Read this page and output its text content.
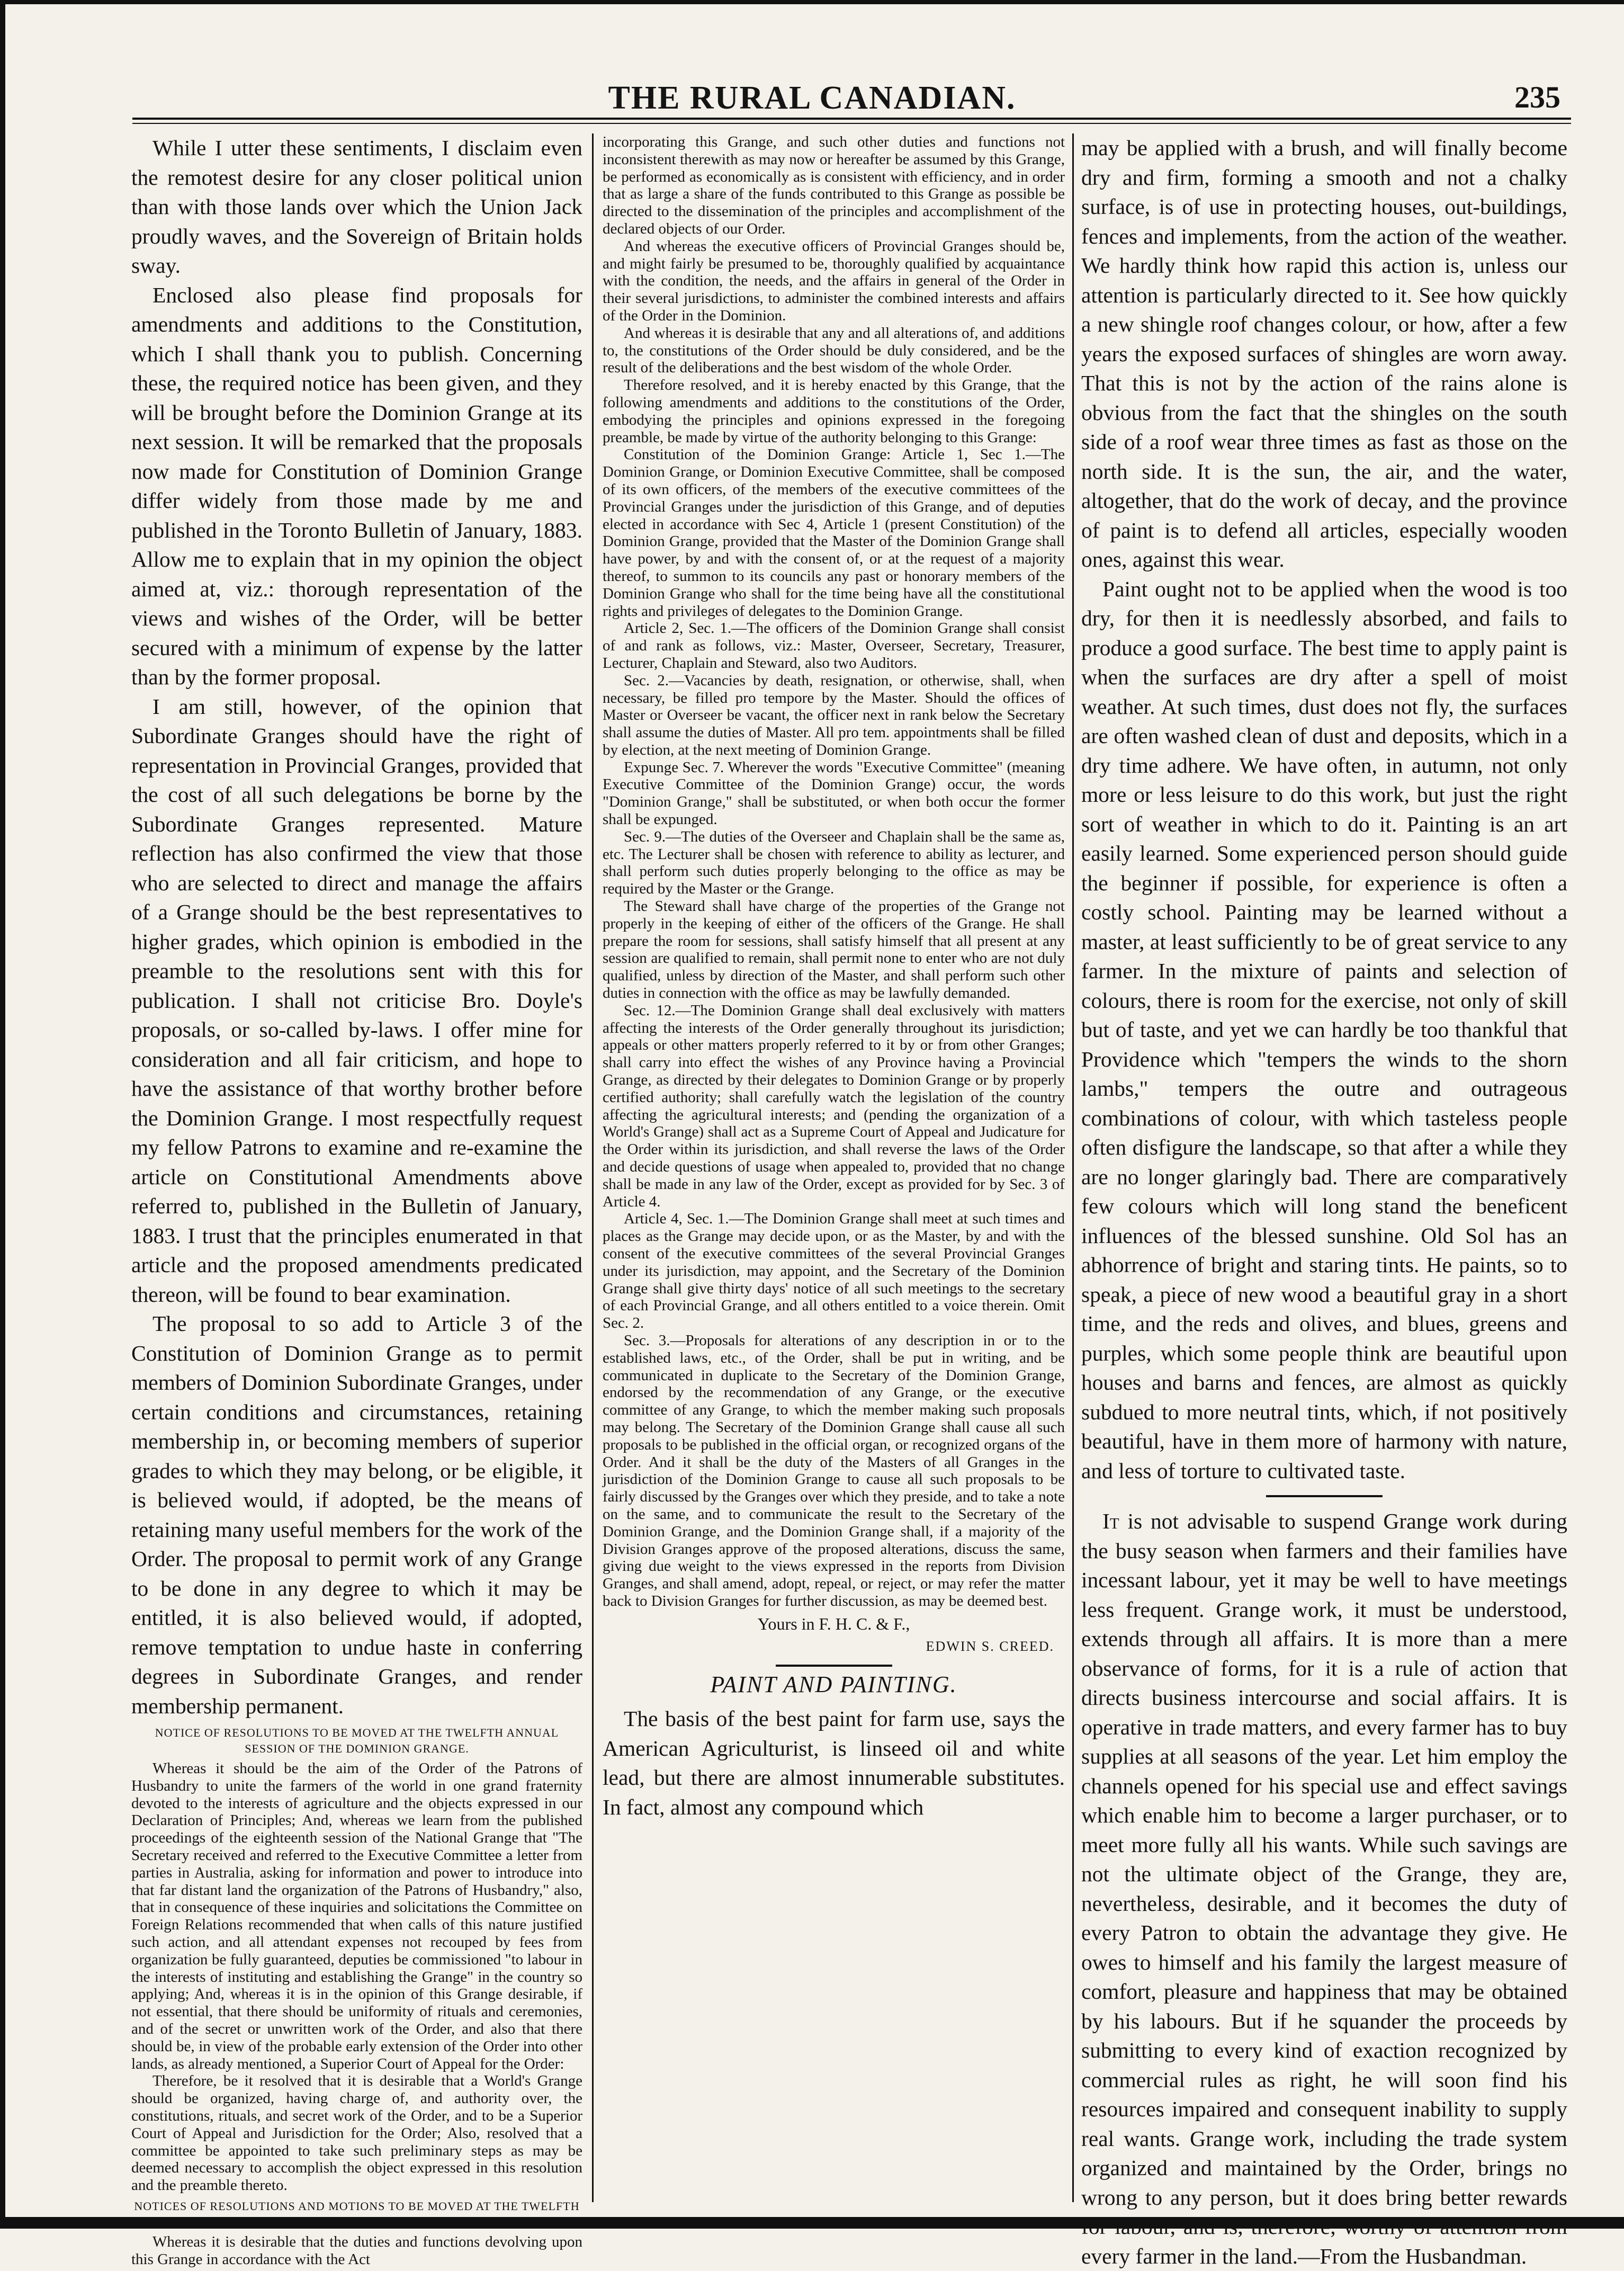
THE RURAL CANADIAN.	235

While I utter these sentiments, I disclaim even the remotest desire for any closer political union than with those lands over which the Union Jack proudly waves, and the Sovereign of Britain holds sway.

Enclosed also please find proposals for amendments and additions to the Constitution, which I shall thank you to publish. Concerning these, the required notice has been given, and they will be brought before the Dominion Grange at its next session. It will be remarked that the proposals now made for Constitution of Dominion Grange differ widely from those made by me and published in the Toronto Bulletin of January, 1883. Allow me to explain that in my opinion the object aimed at, viz.: thorough representation of the views and wishes of the Order, will be better secured with a minimum of expense by the latter than by the former proposal.

I am still, however, of the opinion that Subordinate Granges should have the right of representation in Provincial Granges, provided that the cost of all such delegations be borne by the Subordinate Granges represented. Mature reflection has also confirmed the view that those who are selected to direct and manage the affairs of a Grange should be the best representatives to higher grades, which opinion is embodied in the preamble to the resolutions sent with this for publication. I shall not criticise Bro. Doyle's proposals, or so-called by-laws. I offer mine for consideration and all fair criticism, and hope to have the assistance of that worthy brother before the Dominion Grange. I most respectfully request my fellow Patrons to examine and re-examine the article on Constitutional Amendments above referred to, published in the Bulletin of January, 1883. I trust that the principles enumerated in that article and the proposed amendments predicated thereon, will be found to bear examination.

The proposal to so add to Article 3 of the Constitution of Dominion Grange as to permit members of Dominion Subordinate Granges, under certain conditions and circumstances, retaining membership in, or becoming members of superior grades to which they may belong, or be eligible, it is believed would, if adopted, be the means of retaining many useful members for the work of the Order. The proposal to permit work of any Grange to be done in any degree to which it may be entitled, it is also believed would, if adopted, remove temptation to undue haste in conferring degrees in Subordinate Granges, and render membership permanent.

NOTICE OF RESOLUTIONS TO BE MOVED AT THE TWELFTH ANNUAL SESSION OF THE DOMINION GRANGE.

Whereas it should be the aim of the Order of the Patrons of Husbandry to unite the farmers of the world in one grand fraternity devoted to the interests of agriculture and the objects expressed in our Declaration of Principles; And, whereas we learn from the published proceedings of the eighteenth session of the National Grange that "The Secretary received and referred to the Executive Committee a letter from parties in Australia, asking for information and power to introduce into that far distant land the organization of the Patrons of Husbandry," also, that in consequence of these inquiries and solicitations the Committee on Foreign Relations recommended that when calls of this nature justified such action, and all attendant expenses not recouped by fees from organization be fully guaranteed, deputies be commissioned "to labour in the interests of instituting and establishing the Grange" in the country so applying; And, whereas it is in the opinion of this Grange desirable, if not essential, that there should be uniformity of rituals and ceremonies, and of the secret or unwritten work of the Order, and also that there should be, in view of the probable early extension of the Order into other lands, as already mentioned, a Superior Court of Appeal for the Order:

Therefore, be it resolved that it is desirable that a World's Grange should be organized, having charge of, and authority over, the constitutions, rituals, and secret work of the Order, and to be a Superior Court of Appeal and Jurisdiction for the Order; Also, resolved that a committee be appointed to take such preliminary steps as may be deemed necessary to accomplish the object expressed in this resolution and the preamble thereto.

NOTICES OF RESOLUTIONS AND MOTIONS TO BE MOVED AT THE TWELFTH

Whereas it is desirable that the duties and functions devolving upon this Grange in accordance with the Act

incorporating this Grange, and such other duties and functions not inconsistent therewith as may now or hereafter be assumed by this Grange, be performed as economically as is consistent with efficiency, and in order that as large a share of the funds contributed to this Grange as possible be directed to the dissemination of the principles and accomplishment of the declared objects of our Order.

And whereas the executive officers of Provincial Granges should be, and might fairly be presumed to be, thoroughly qualified by acquaintance with the condition, the needs, and the affairs in general of the Order in their several jurisdictions, to administer the combined interests and affairs of the Order in the Dominion.

And whereas it is desirable that any and all alterations of, and additions to, the constitutions of the Order should be duly considered, and be the result of the deliberations and the best wisdom of the whole Order.

Therefore resolved, and it is hereby enacted by this Grange, that the following amendments and additions to the constitutions of the Order, embodying the principles and opinions expressed in the foregoing preamble, be made by virtue of the authority belonging to this Grange:

Constitution of the Dominion Grange: Article 1, Sec 1.—The Dominion Grange, or Dominion Executive Committee, shall be composed of its own officers, of the members of the executive committees of the Provincial Granges under the jurisdiction of this Grange, and of deputies elected in accordance with Sec 4, Article 1 (present Constitution) of the Dominion Grange, provided that the Master of the Dominion Grange shall have power, by and with the consent of, or at the request of a majority thereof, to summon to its councils any past or honorary members of the Dominion Grange who shall for the time being have all the constitutional rights and privileges of delegates to the Dominion Grange.

Article 2, Sec. 1.—The officers of the Dominion Grange shall consist of and rank as follows, viz.: Master, Overseer, Secretary, Treasurer, Lecturer, Chaplain and Steward, also two Auditors.

Sec. 2.—Vacancies by death, resignation, or otherwise, shall, when necessary, be filled pro tempore by the Master. Should the offices of Master or Overseer be vacant, the officer next in rank below the Secretary shall assume the duties of Master. All pro tem. appointments shall be filled by election, at the next meeting of Dominion Grange.

Expunge Sec. 7. Wherever the words "Executive Committee" (meaning Executive Committee of the Dominion Grange) occur, the words "Dominion Grange," shall be substituted, or when both occur the former shall be expunged.

Sec. 9.—The duties of the Overseer and Chaplain shall be the same as, etc. The Lecturer shall be chosen with reference to ability as lecturer, and shall perform such duties properly belonging to the office as may be required by the Master or the Grange.

The Steward shall have charge of the properties of the Grange not properly in the keeping of either of the officers of the Grange. He shall prepare the room for sessions, shall satisfy himself that all present at any session are qualified to remain, shall permit none to enter who are not duly qualified, unless by direction of the Master, and shall perform such other duties in connection with the office as may be lawfully demanded.

Sec. 12.—The Dominion Grange shall deal exclusively with matters affecting the interests of the Order generally throughout its jurisdiction; appeals or other matters properly referred to it by or from other Granges; shall carry into effect the wishes of any Province having a Provincial Grange, as directed by their delegates to Dominion Grange or by properly certified authority; shall carefully watch the legislation of the country affecting the agricultural interests; and (pending the organization of a World's Grange) shall act as a Supreme Court of Appeal and Judicature for the Order within its jurisdiction, and shall reverse the laws of the Order and decide questions of usage when appealed to, provided that no change shall be made in any law of the Order, except as provided for by Sec. 3 of Article 4.

Article 4, Sec. 1.—The Dominion Grange shall meet at such times and places as the Grange may decide upon, or as the Master, by and with the consent of the executive committees of the several Provincial Granges under its jurisdiction, may appoint, and the Secretary of the Dominion Grange shall give thirty days' notice of all such meetings to the secretary of each Provincial Grange, and all others entitled to a voice therein. Omit Sec. 2.

Sec. 3.—Proposals for alterations of any description in or to the established laws, etc., of the Order, shall be put in writing, and be communicated in duplicate to the Secretary of the Dominion Grange, endorsed by the recommendation of any Grange, or the executive committee of any Grange, to which the member making such proposals may belong. The Secretary of the Dominion Grange shall cause all such proposals to be published in the official organ, or recognized organs of the Order. And it shall be the duty of the Masters of all Granges in the jurisdiction of the Dominion Grange to cause all such proposals to be fairly discussed by the Granges over which they preside, and to take a note on the same, and to communicate the result to the Secretary of the Dominion Grange, and the Dominion Grange shall, if a majority of the Division Granges approve of the proposed alterations, discuss the same, giving due weight to the views expressed in the reports from Division Granges, and shall amend, adopt, repeal, or reject, or may refer the matter back to Division Granges for further discussion, as may be deemed best.

Yours in F. H. C. & F.,

EDWIN S. CREED.

PAINT AND PAINTING.

The basis of the best paint for farm use, says the American Agriculturist, is linseed oil and white lead, but there are almost innumerable substitutes. In fact, almost any compound which

may be applied with a brush, and will finally become dry and firm, forming a smooth and not a chalky surface, is of use in protecting houses, out-buildings, fences and implements, from the action of the weather. We hardly think how rapid this action is, unless our attention is particularly directed to it. See how quickly a new shingle roof changes colour, or how, after a few years the exposed surfaces of shingles are worn away. That this is not by the action of the rains alone is obvious from the fact that the shingles on the south side of a roof wear three times as fast as those on the north side. It is the sun, the air, and the water, altogether, that do the work of decay, and the province of paint is to defend all articles, especially wooden ones, against this wear.

Paint ought not to be applied when the wood is too dry, for then it is needlessly absorbed, and fails to produce a good surface. The best time to apply paint is when the surfaces are dry after a spell of moist weather. At such times, dust does not fly, the surfaces are often washed clean of dust and deposits, which in a dry time adhere. We have often, in autumn, not only more or less leisure to do this work, but just the right sort of weather in which to do it. Painting is an art easily learned. Some experienced person should guide the beginner if possible, for experience is often a costly school. Painting may be learned without a master, at least sufficiently to be of great service to any farmer. In the mixture of paints and selection of colours, there is room for the exercise, not only of skill but of taste, and yet we can hardly be too thankful that Providence which "tempers the winds to the shorn lambs," tempers the outre and outrageous combinations of colour, with which tasteless people often disfigure the landscape, so that after a while they are no longer glaringly bad. There are comparatively few colours which will long stand the beneficent influences of the blessed sunshine. Old Sol has an abhorrence of bright and staring tints. He paints, so to speak, a piece of new wood a beautiful gray in a short time, and the reds and olives, and blues, greens and purples, which some people think are beautiful upon houses and barns and fences, are almost as quickly subdued to more neutral tints, which, if not positively beautiful, have in them more of harmony with nature, and less of torture to cultivated taste.

It is not advisable to suspend Grange work during the busy season when farmers and their families have incessant labour, yet it may be well to have meetings less frequent. Grange work, it must be understood, extends through all affairs. It is more than a mere observance of forms, for it is a rule of action that directs business intercourse and social affairs. It is operative in trade matters, and every farmer has to buy supplies at all seasons of the year. Let him employ the channels opened for his special use and effect savings which enable him to become a larger purchaser, or to meet more fully all his wants. While such savings are not the ultimate object of the Grange, they are, nevertheless, desirable, and it becomes the duty of every Patron to obtain the advantage they give. He owes to himself and his family the largest measure of comfort, pleasure and happiness that may be obtained by his labours. But if he squander the proceeds by submitting to every kind of exaction recognized by commercial rules as right, he will soon find his resources impaired and consequent inability to supply real wants. Grange work, including the trade system organized and maintained by the Order, brings no wrong to any person, but it does bring better rewards every farmer in the land.—From the Husbandman.
